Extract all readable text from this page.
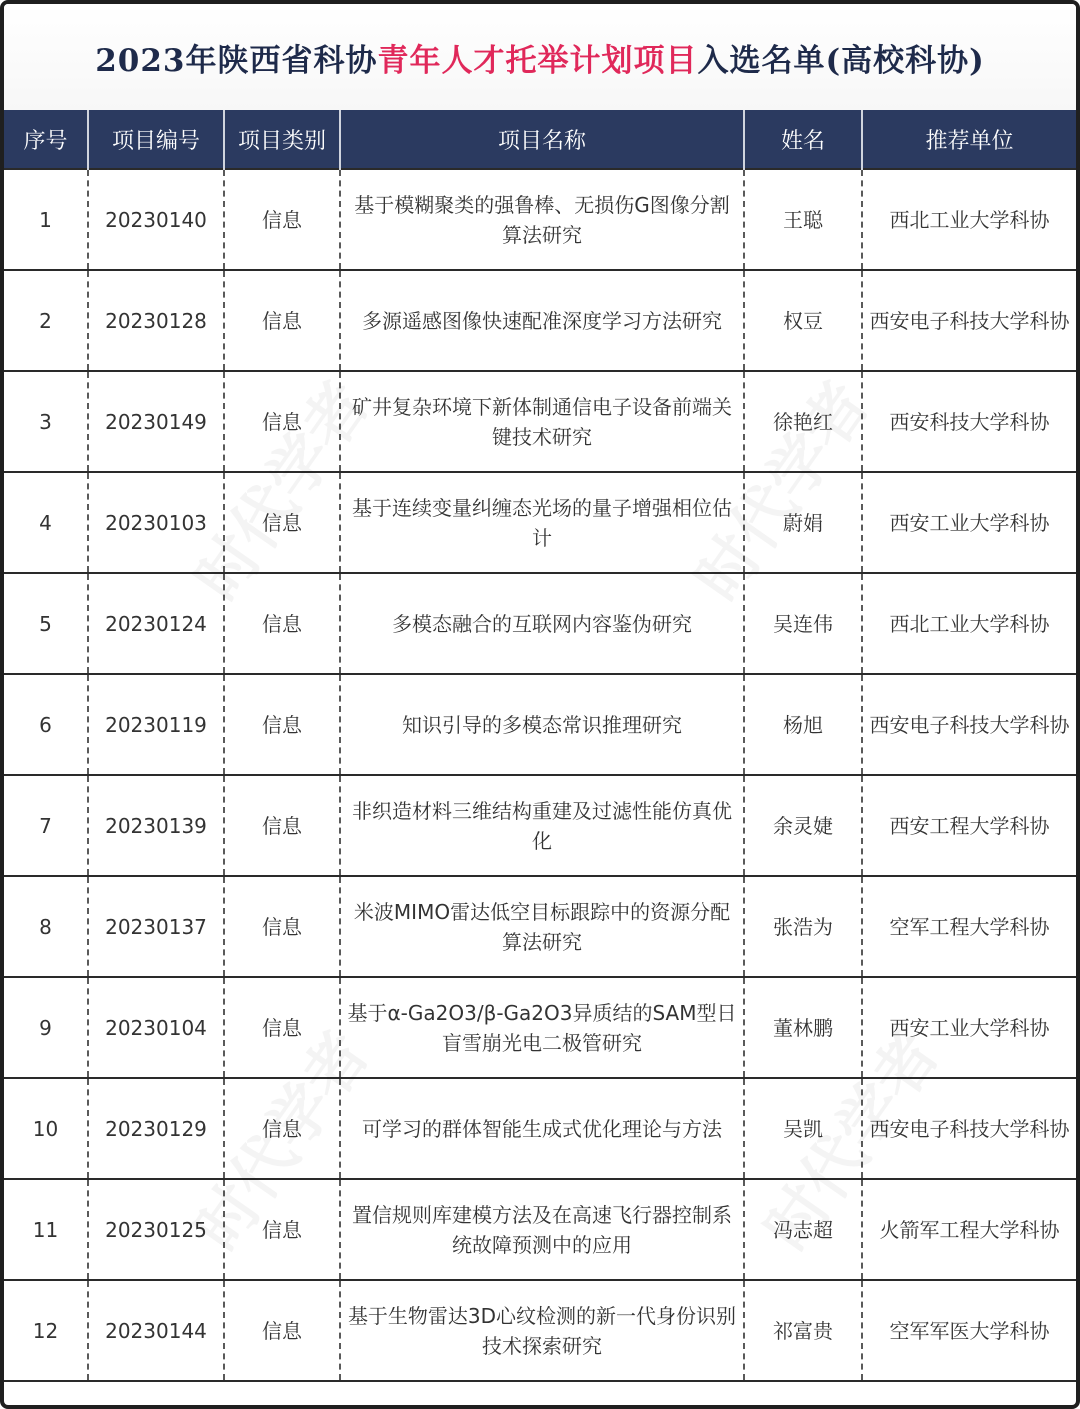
2023年陕西省科协青年人才托举计划项目入选名单(高校科协)
序号	项目编号	项目类别	项目名称	姓名	推荐单位
1	20230140	信息	基于模糊聚类的强鲁棒、无损伤G图像分割算法研究	王聪	西北工业大学科协
2	20230128	信息	多源遥感图像快速配准深度学习方法研究	权豆	西安电子科技大学科协
3	20230149	信息	矿井复杂环境下新体制通信电子设备前端关键技术研究	徐艳红	西安科技大学科协
4	20230103	信息	基于连续变量纠缠态光场的量子增强相位估计	蔚娟	西安工业大学科协
5	20230124	信息	多模态融合的互联网内容鉴伪研究	吴连伟	西北工业大学科协
6	20230119	信息	知识引导的多模态常识推理研究	杨旭	西安电子科技大学科协
7	20230139	信息	非织造材料三维结构重建及过滤性能仿真优化	余灵婕	西安工程大学科协
8	20230137	信息	米波MIMO雷达低空目标跟踪中的资源分配算法研究	张浩为	空军工程大学科协
9	20230104	信息	基于α-Ga2O3/β-Ga2O3异质结的SAM型日盲雪崩光电二极管研究	董林鹏	西安工业大学科协
10	20230129	信息	可学习的群体智能生成式优化理论与方法	吴凯	西安电子科技大学科协
11	20230125	信息	置信规则库建模方法及在高速飞行器控制系统故障预测中的应用	冯志超	火箭军工程大学科协
12	20230144	信息	基于生物雷达3D心纹检测的新一代身份识别技术探索研究	祁富贵	空军军医大学科协
